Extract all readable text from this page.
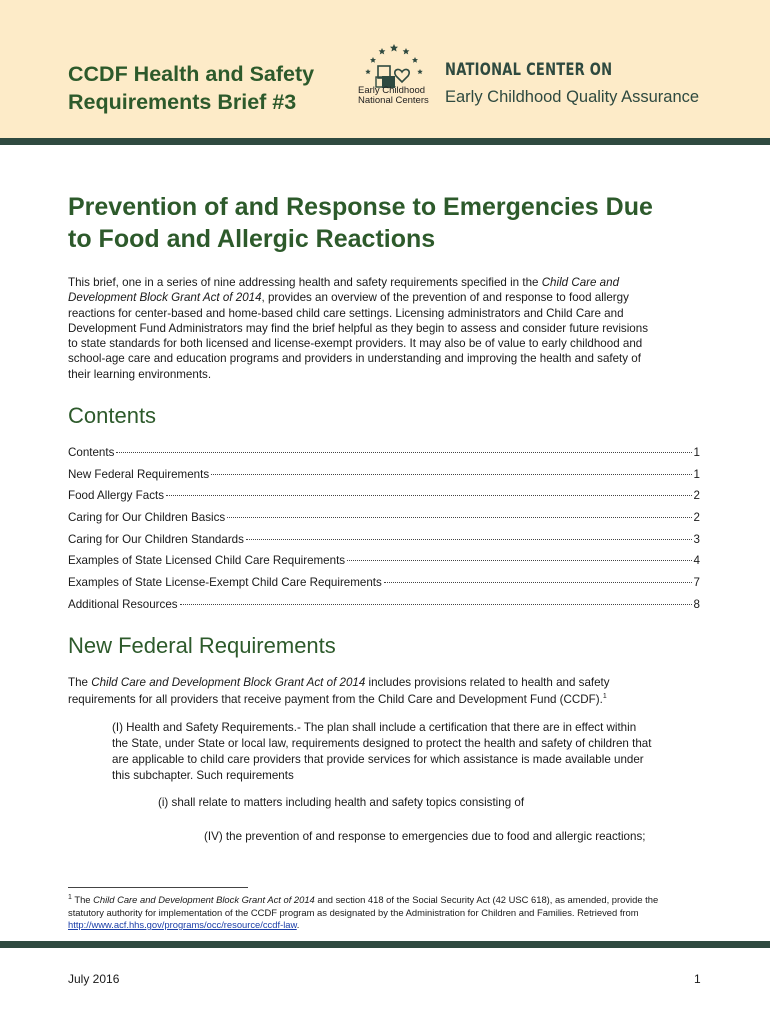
CCDF Health and Safety
Requirements Brief #3	Early Childhood
National Centers
NATIONAL CENTER ON
Early Childhood Quality Assurance
Prevention of and Response to Emergencies Due
to Food and Allergic Reactions
This brief, one in a series of nine addressing health and safety requirements specified in the Child Care and
Development Block Grant Act of 2014, provides an overview of the prevention of and response to food allergy
reactions for center-based and home-based child care settings. Licensing administrators and Child Care and
Development Fund Administrators may find the brief helpful as they begin to assess and consider future revisions
to state standards for both licensed and license-exempt providers. It may also be of value to early childhood and
school-age care and education programs and providers in understanding and improving the health and safety of
their learning environments.
Contents
Contents	1
New Federal Requirements	1
Food Allergy Facts	2
Caring for Our Children Basics	2
Caring for Our Children Standards	3
Examples of State Licensed Child Care Requirements	4
Examples of State License-Exempt Child Care Requirements	7
Additional Resources	8
New Federal Requirements
The Child Care and Development Block Grant Act of 2014 includes provisions related to health and safety
requirements for all providers that receive payment from the Child Care and Development Fund (CCDF).$^1$
(I) Health and Safety Requirements.- The plan shall include a certification that there are in effect within
the State, under State or local law, requirements designed to protect the health and safety of children that
are applicable to child care providers that provide services for which assistance is made available under
this subchapter. Such requirements
(i) shall relate to matters including health and safety topics consisting of
(IV) the prevention of and response to emergencies due to food and allergic reactions;
$^1$ The Child Care and Development Block Grant Act of 2014 and section 418 of the Social Security Act (42 USC 618), as amended, provide the
statutory authority for implementation of the CCDF program as designated by the Administration for Children and Families. Retrieved from
http://www.acf.hhs.gov/programs/occ/resource/ccdf-law.
July 2016	1
